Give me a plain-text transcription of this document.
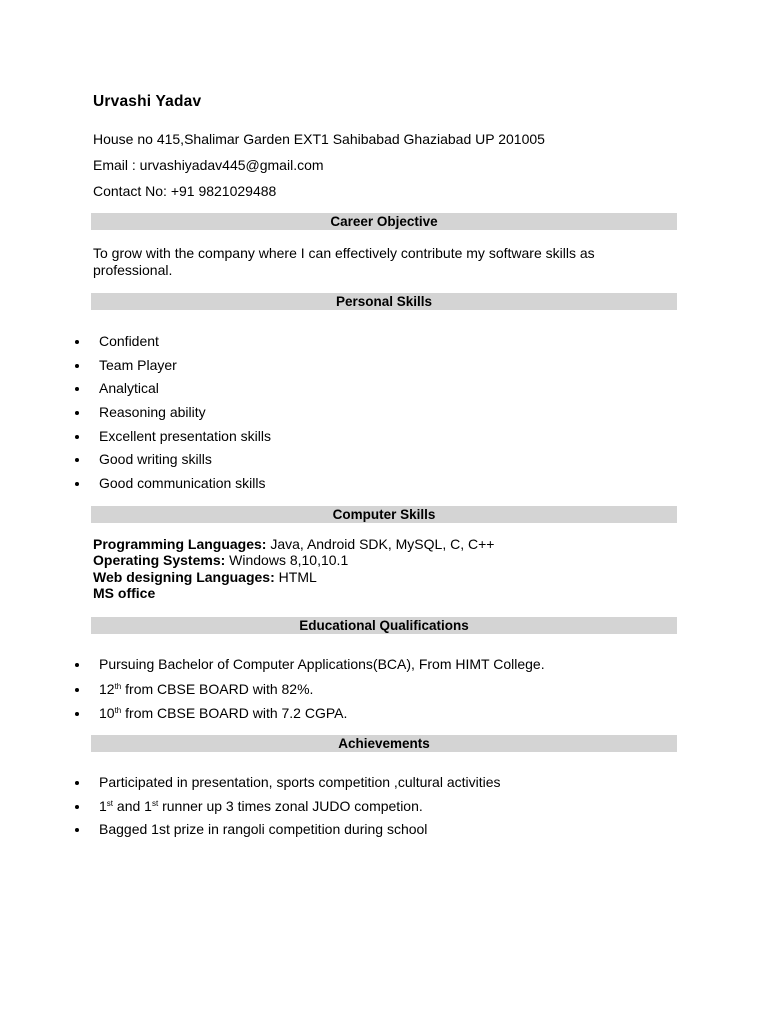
Urvashi Yadav
House no 415,Shalimar Garden EXT1 Sahibabad Ghaziabad UP 201005
Email : urvashiyadav445@gmail.com
Contact No: +91 9821029488
Career Objective
To grow with the company where I can effectively contribute my software skills as professional.
Personal Skills
Confident
Team Player
Analytical
Reasoning ability
Excellent presentation skills
Good writing skills
Good communication skills
Computer Skills
Programming Languages: Java, Android SDK, MySQL, C, C++
Operating Systems: Windows 8,10,10.1
Web designing Languages: HTML
MS office
Educational Qualifications
Pursuing Bachelor of Computer Applications(BCA), From HIMT College.
12th from CBSE BOARD with 82%.
10th from CBSE BOARD with 7.2 CGPA.
Achievements
Participated in presentation, sports competition ,cultural activities
1st and 1st runner up 3 times zonal JUDO competion.
Bagged 1st prize in rangoli competition during school
